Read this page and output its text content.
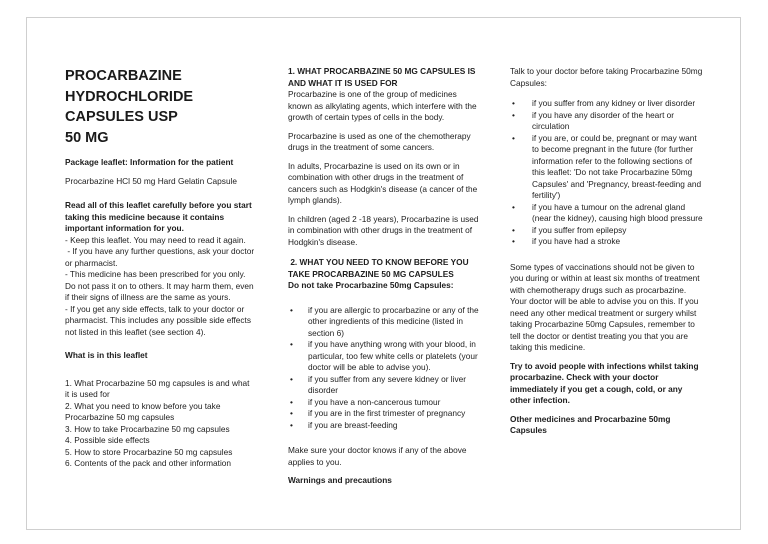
PROCARBAZINE
HYDROCHLORIDE
CAPSULES USP
50 MG
Package leaflet: Information for the patient
Procarbazine HCl 50 mg Hard Gelatin Capsule
Read all of this leaflet carefully before you start taking this medicine because it contains important information for you.
- Keep this leaflet. You may need to read it again.
- If you have any further questions, ask your doctor or pharmacist.
- This medicine has been prescribed for you only. Do not pass it on to others. It may harm them, even if their signs of illness are the same as yours.
- If you get any side effects, talk to your doctor or pharmacist. This includes any possible side effects not listed in this leaflet (see section 4).
What is in this leaflet
1. What Procarbazine 50 mg capsules is and what it is used for
2. What you need to know before you take Procarbazine 50 mg capsules
3. How to take Procarbazine 50 mg capsules
4. Possible side effects
5. How to store Procarbazine 50 mg capsules
6. Contents of the pack and other information
1. WHAT PROCARBAZINE 50 MG CAPSULES IS AND WHAT IT IS USED FOR
Procarbazine is one of the group of medicines known as alkylating agents, which interfere with the growth of certain types of cells in the body.
Procarbazine is used as one of the chemotherapy drugs in the treatment of some cancers.
In adults, Procarbazine is used on its own or in combination with other drugs in the treatment of cancers such as Hodgkin's disease (a cancer of the lymph glands).
In children (aged 2 -18 years), Procarbazine is used in combination with other drugs in the treatment of Hodgkin's disease.
2. WHAT YOU NEED TO KNOW BEFORE YOU TAKE PROCARBAZINE 50 MG CAPSULES
Do not take Procarbazine 50mg Capsules:
• if you are allergic to procarbazine or any of the other ingredients of this medicine (listed in section 6)
• if you have anything wrong with your blood, in particular, too few white cells or platelets (your doctor will be able to advise you).
• if you suffer from any severe kidney or liver disorder
• if you have a non-cancerous tumour
• if you are in the first trimester of pregnancy
• if you are breast-feeding
Make sure your doctor knows if any of the above applies to you.
Warnings and precautions
Talk to your doctor before taking Procarbazine 50mg Capsules:
• if you suffer from any kidney or liver disorder
• if you have any disorder of the heart or circulation
• if you are, or could be, pregnant or may want to become pregnant in the future (for further information refer to the following sections of this leaflet: 'Do not take Procarbazine 50mg Capsules' and 'Pregnancy, breast-feeding and fertility')
• if you have a tumour on the adrenal gland (near the kidney), causing high blood pressure
• if you suffer from epilepsy
• if you have had a stroke
Some types of vaccinations should not be given to you during or within at least six months of treatment with chemotherapy drugs such as procarbazine. Your doctor will be able to advise you on this. If you need any other medical treatment or surgery whilst taking Procarbazine 50mg Capsules, remember to tell the doctor or dentist treating you that you are taking this medicine.
Try to avoid people with infections whilst taking procarbazine. Check with your doctor immediately if you get a cough, cold, or any other infection.
Other medicines and Procarbazine 50mg Capsules
